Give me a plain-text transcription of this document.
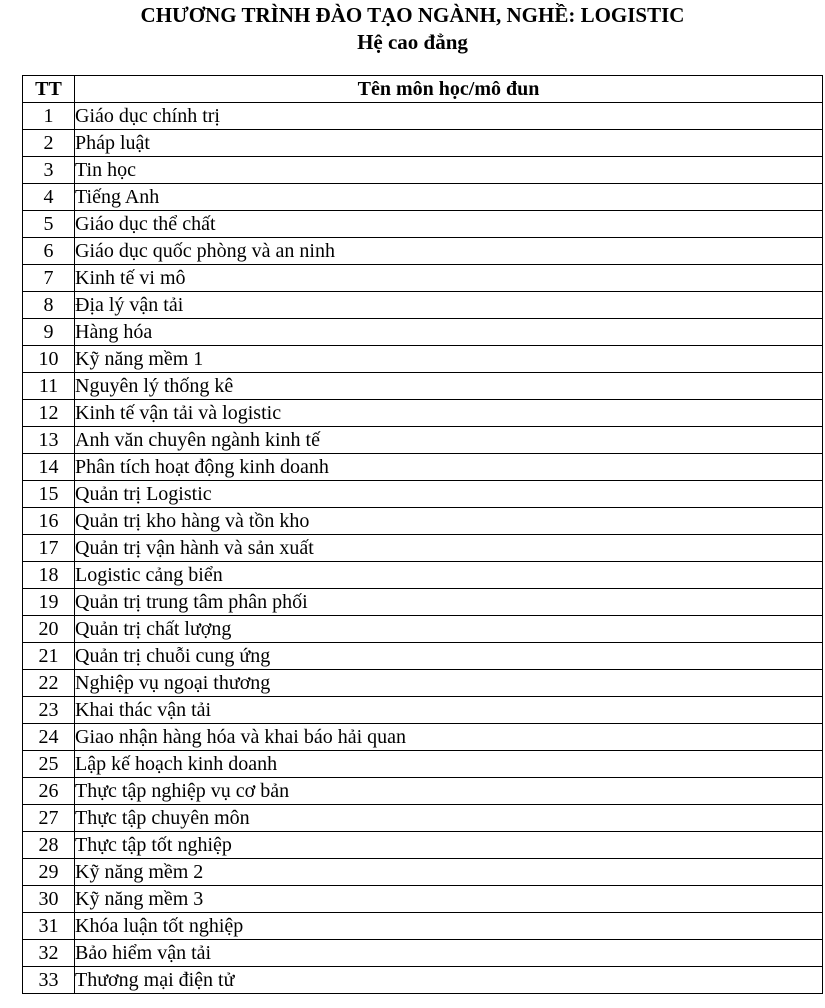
CHƯƠNG TRÌNH ĐÀO TẠO NGÀNH, NGHỀ: LOGISTIC
Hệ cao đẳng
TT	Tên môn học/mô đun
1	Giáo dục chính trị
2	Pháp luật
3	Tin học
4	Tiếng Anh
5	Giáo dục thể chất
6	Giáo dục quốc phòng và an ninh
7	Kinh tế vi mô
8	Địa lý vận tải
9	Hàng hóa
10	Kỹ năng mềm 1
11	Nguyên lý thống kê
12	Kinh tế vận tải và logistic
13	Anh văn chuyên ngành kinh tế
14	Phân tích hoạt động kinh doanh
15	Quản trị Logistic
16	Quản trị kho hàng và tồn kho
17	Quản trị vận hành và sản xuất
18	Logistic cảng biển
19	Quản trị trung tâm phân phối
20	Quản trị chất lượng
21	Quản trị chuỗi cung ứng
22	Nghiệp vụ ngoại thương
23	Khai thác vận tải
24	Giao nhận hàng hóa và khai báo hải quan
25	Lập kế hoạch kinh doanh
26	Thực tập nghiệp vụ cơ bản
27	Thực tập chuyên môn
28	Thực tập tốt nghiệp
29	Kỹ năng mềm 2
30	Kỹ năng mềm 3
31	Khóa luận tốt nghiệp
32	Bảo hiểm vận tải
33	Thương mại điện tử
